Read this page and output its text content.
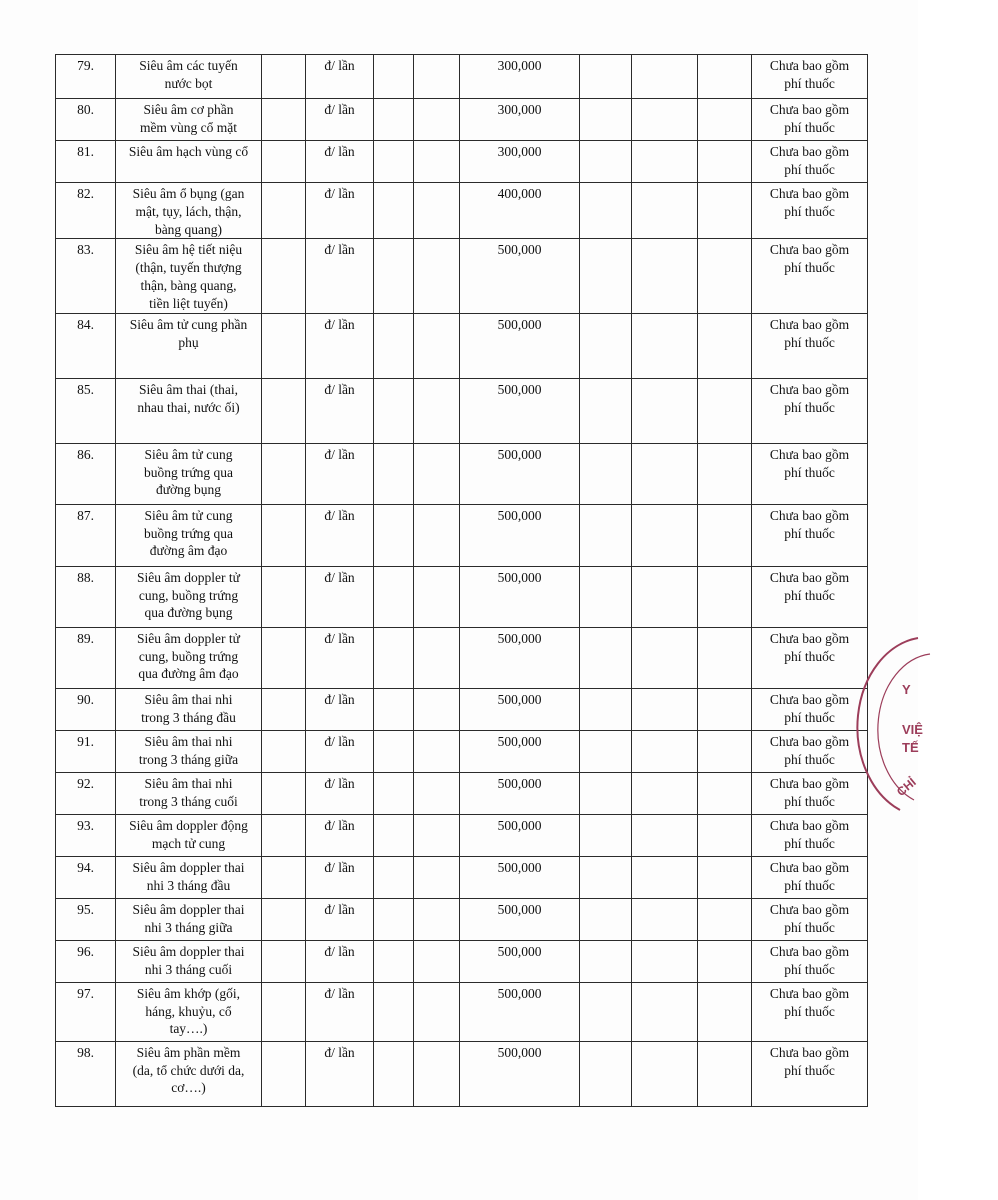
79.	Siêu âm các tuyến
nước bọt		đ/ lần			300,000				Chưa bao gồm
phí thuốc
80.	Siêu âm cơ phần
mềm vùng cổ mặt		đ/ lần			300,000				Chưa bao gồm
phí thuốc
81.	Siêu âm hạch vùng cổ		đ/ lần			300,000				Chưa bao gồm
phí thuốc
82.	Siêu âm ổ bụng (gan
mật, tụy, lách, thận,
bàng quang)		đ/ lần			400,000				Chưa bao gồm
phí thuốc
83.	Siêu âm hệ tiết niệu
(thận, tuyến thượng
thận, bàng quang,
tiền liệt tuyến)		đ/ lần			500,000				Chưa bao gồm
phí thuốc
84.	Siêu âm tử cung phần
phụ		đ/ lần			500,000				Chưa bao gồm
phí thuốc
85.	Siêu âm thai (thai,
nhau thai, nước ối)		đ/ lần			500,000				Chưa bao gồm
phí thuốc
86.	Siêu âm tử cung
buồng trứng qua
đường bụng		đ/ lần			500,000				Chưa bao gồm
phí thuốc
87.	Siêu âm tử cung
buồng trứng qua
đường âm đạo		đ/ lần			500,000				Chưa bao gồm
phí thuốc
88.	Siêu âm doppler tử
cung, buồng trứng
qua đường bụng		đ/ lần			500,000				Chưa bao gồm
phí thuốc
89.	Siêu âm doppler tử
cung, buồng trứng
qua đường âm đạo		đ/ lần			500,000				Chưa bao gồm
phí thuốc
90.	Siêu âm thai nhi
trong 3 tháng đầu		đ/ lần			500,000				Chưa bao gồm
phí thuốc
91.	Siêu âm thai nhi
trong 3 tháng giữa		đ/ lần			500,000				Chưa bao gồm
phí thuốc
92.	Siêu âm thai nhi
trong 3 tháng cuối		đ/ lần			500,000				Chưa bao gồm
phí thuốc
93.	Siêu âm doppler động
mạch tử cung		đ/ lần			500,000				Chưa bao gồm
phí thuốc
94.	Siêu âm doppler thai
nhi 3 tháng đầu		đ/ lần			500,000				Chưa bao gồm
phí thuốc
95.	Siêu âm doppler thai
nhi 3 tháng giữa		đ/ lần			500,000				Chưa bao gồm
phí thuốc
96.	Siêu âm doppler thai
nhi 3 tháng cuối		đ/ lần			500,000				Chưa bao gồm
phí thuốc
97.	Siêu âm khớp (gối,
háng, khuỷu, cổ
tay….)		đ/ lần			500,000				Chưa bao gồm
phí thuốc
98.	Siêu âm phần mềm
(da, tổ chức dưới da,
cơ….)		đ/ lần			500,000				Chưa bao gồm
phí thuốc
Y
VIỆ
TẾ
CHỈ
